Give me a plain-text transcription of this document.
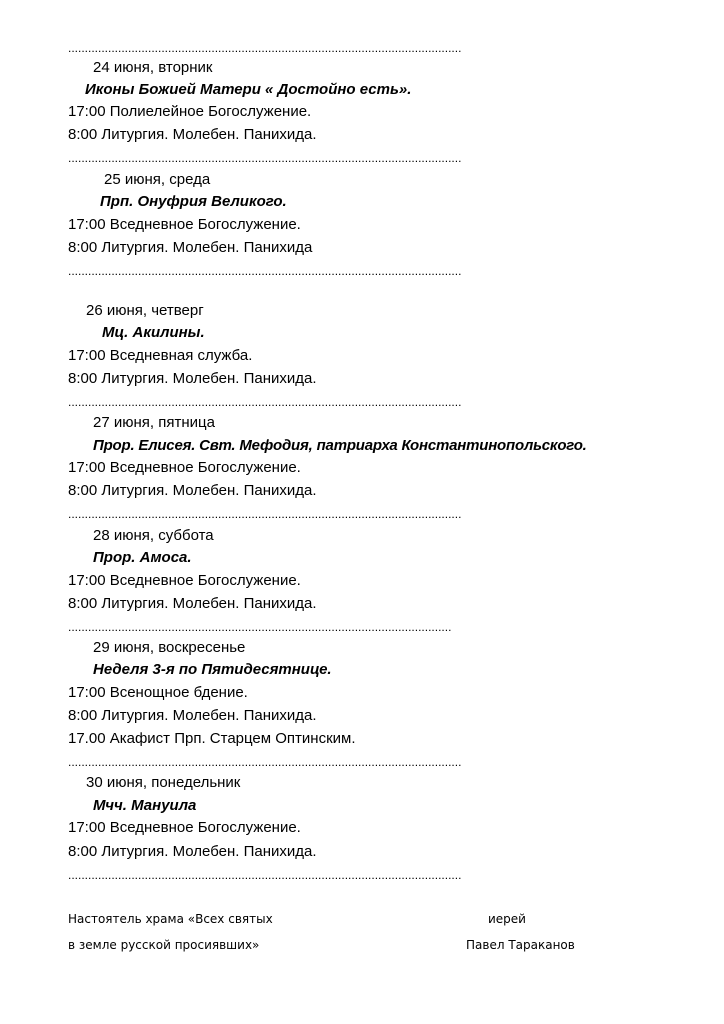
......................................................................................................................
24 июня, вторник
Иконы Божией Матери « Достойно есть».
17:00 Полиелейное Богослужение.
8:00 Литургия. Молебен. Панихида.
......................................................................................................................
25 июня, среда
Прп. Онуфрия Великого.
17:00 Вседневное Богослужение.
8:00 Литургия. Молебен. Панихида
......................................................................................................................
26 июня, четверг
Мц. Акилины.
17:00 Вседневная служба.
8:00 Литургия. Молебен. Панихида.
......................................................................................................................
27 июня, пятница
Прор. Елисея. Свт. Мефодия, патриарха Константинопольского.
17:00 Вседневное Богослужение.
8:00 Литургия. Молебен. Панихида.
......................................................................................................................
28 июня, суббота
Прор. Амоса.
17:00 Вседневное Богослужение.
8:00 Литургия. Молебен. Панихида.
...................................................................................................................
29 июня, воскресенье
Неделя 3-я по Пятидесятнице.
17:00 Всенощное бдение.
8:00 Литургия. Молебен. Панихида.
17.00 Акафист Прп. Старцем Оптинским.
......................................................................................................................
30 июня, понедельник
Мчч. Мануила
17:00 Вседневное Богослужение.
8:00 Литургия. Молебен. Панихида.
......................................................................................................................
Настоятель храма «Всех святых
в земле русской просиявших»
иерей
Павел Тараканов
